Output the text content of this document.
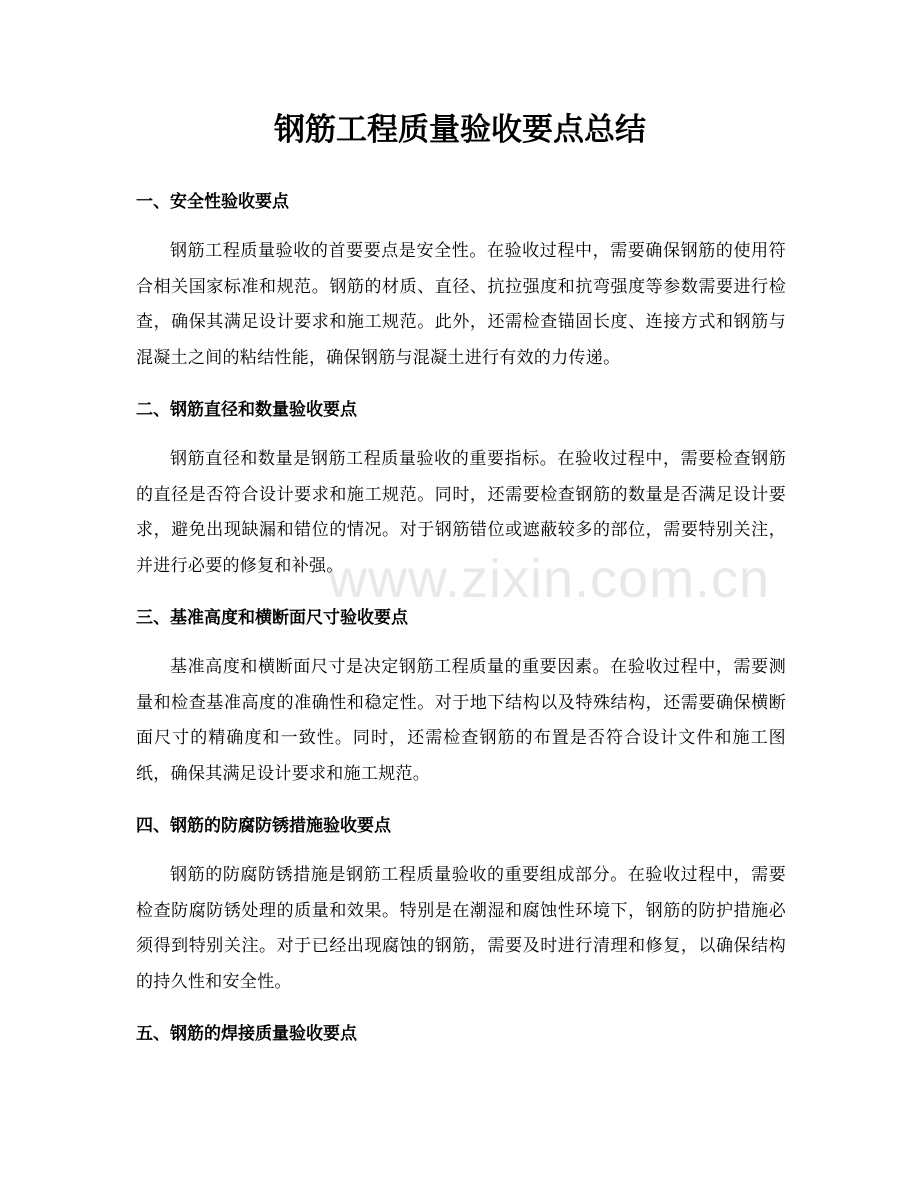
钢筋工程质量验收要点总结
一、安全性验收要点

钢筋工程质量验收的首要要点是安全性。在验收过程中，需要确保钢筋的使用符合相关国家标准和规范。钢筋的材质、直径、抗拉强度和抗弯强度等参数需要进行检查，确保其满足设计要求和施工规范。此外，还需检查锚固长度、连接方式和钢筋与混凝土之间的粘结性能，确保钢筋与混凝土进行有效的力传递。

二、钢筋直径和数量验收要点

钢筋直径和数量是钢筋工程质量验收的重要指标。在验收过程中，需要检查钢筋的直径是否符合设计要求和施工规范。同时，还需要检查钢筋的数量是否满足设计要求，避免出现缺漏和错位的情况。对于钢筋错位或遮蔽较多的部位，需要特别关注，并进行必要的修复和补强。

三、基准高度和横断面尺寸验收要点

基准高度和横断面尺寸是决定钢筋工程质量的重要因素。在验收过程中，需要测量和检查基准高度的准确性和稳定性。对于地下结构以及特殊结构，还需要确保横断面尺寸的精确度和一致性。同时，还需检查钢筋的布置是否符合设计文件和施工图纸，确保其满足设计要求和施工规范。

四、钢筋的防腐防锈措施验收要点

钢筋的防腐防锈措施是钢筋工程质量验收的重要组成部分。在验收过程中，需要检查防腐防锈处理的质量和效果。特别是在潮湿和腐蚀性环境下，钢筋的防护措施必须得到特别关注。对于已经出现腐蚀的钢筋，需要及时进行清理和修复，以确保结构的持久性和安全性。

五、钢筋的焊接质量验收要点
www.zixin.com.cn
